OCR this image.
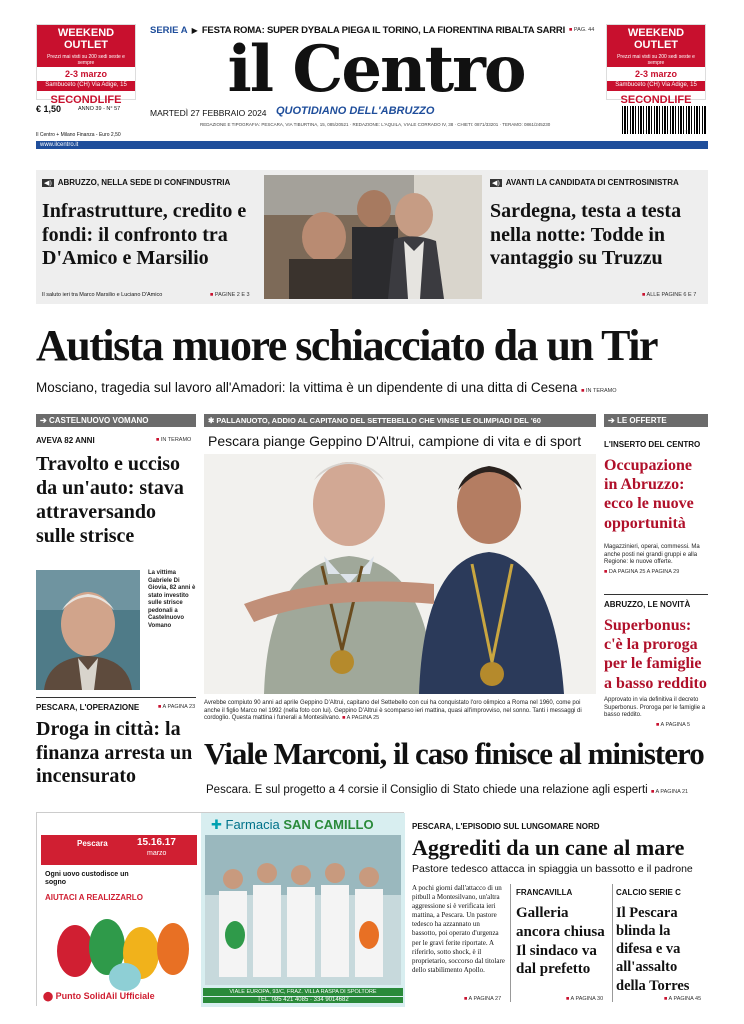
WEEKEND OUTLET
Prezzi mai visti su 200 sedi seste e sempre
2-3 marzo
Sambuceto (CH) Via Adige, 15
SECONDLIFE
WEEKEND OUTLET
Prezzi mai visti su 200 sedi seste e sempre
2-3 marzo
Sambuceto (CH) Via Adige, 15
SECONDLIFE
SERIE A ▶ FESTA ROMA: SUPER DYBALA PIEGA IL TORINO, LA FIORENTINA RIBALTA SARRI	■ PAG. 44
il Centro
MARTEDÌ 27 FEBBRAIO 2024 QUOTIDIANO DELL'ABRUZZO
REDAZIONE E TIPOGRAFIA: PESCARA, VIA TIBURTINA, 15, 085/20521 · REDAZIONE: L'AQUILA, VIALE CORRADO IV, 38 · CHIETI: 0871/33201 · TERAMO: 0861/245230
€ 1,50	ANNO 39 - N° 57
Il Centro + Milano Finanza - Euro 2,50
www.ilcentro.it
◀) ABRUZZO, NELLA SEDE DI CONFINDUSTRIA
Infrastrutture, credito e fondi: il confronto tra D'Amico e Marsilio
Il saluto ieri tra Marco Marsilio e Luciano D'Amico	■ PAGINE 2 E 3
◀) AVANTI LA CANDIDATA DI CENTROSINISTRA
Sardegna, testa a testa nella notte: Todde in vantaggio su Truzzu
■ ALLE PAGINE 6 E 7
Autista muore schiacciato da un Tir
Mosciano, tragedia sul lavoro all'Amadori: la vittima è un dipendente di una ditta di Cesena ■ IN TERAMO
➔ CASTELNUOVO VOMANO
AVEVA 82 ANNI	■ IN TERAMO
Travolto e ucciso da un'auto: stava attraversando sulle strisce
La vittima Gabriele Di Giovia, 82 anni è stato investito sulle strisce pedonali a Castelnuovo Vomano
PESCARA, L'OPERAZIONE	■ A PAGINA 23
Droga in città: la finanza arresta un incensurato
✱ PALLANUOTO, ADDIO AL CAPITANO DEL SETTEBELLO CHE VINSE LE OLIMPIADI DEL '60
Pescara piange Geppino D'Altrui, campione di vita e di sport
Avrebbe compiuto 90 anni ad aprile Geppino D'Altrui, capitano del Settebello con cui ha conquistato l'oro olimpico a Roma nel 1960, come poi anche il figlio Marco nel 1992 (nella foto con lui). Geppino D'Altrui è scomparso ieri mattina, quasi all'improvviso, nel sonno. Tanti i messaggi di cordoglio. Questa mattina i funerali a Montesilvano. ■ A PAGINA 25
Viale Marconi, il caso finisce al ministero
Pescara. E sul progetto a 4 corsie il Consiglio di Stato chiede una relazione agli esperti ■ A PAGINA 21
➔ LE OFFERTE
L'INSERTO DEL CENTRO
Occupazione in Abruzzo: ecco le nuove opportunità
Magazzinieri, operai, commessi. Ma anche posti nei grandi gruppi e alla Regione: le nuove offerte.
■ DA PAGINA 25 A PAGINA 29
ABRUZZO, LE NOVITÀ
Superbonus: c'è la proroga per le famiglie a basso reddito
Approvato in via definitiva il decreto Superbonus. Proroga per le famiglie a basso reddito.
■ A PAGINA 5
Pescara	15.16.17
marzo
Ogni uovo custodisce un sogno
AIUTACI A REALIZZARLO
⬤ Punto SolidAil Ufficiale
✚ Farmacia SAN CAMILLO
VIALE EUROPA, 93/C, FRAZ. VILLA RASPA DI SPOLTORE
TEL. 085 421 4085 · 334 9014682
PESCARA, L'EPISODIO SUL LUNGOMARE NORD
Aggrediti da un cane al mare
Pastore tedesco attacca in spiaggia un bassotto e il padrone
A pochi giorni dall'attacco di un pitbull a Montesilvano, un'altra aggressione si è verificata ieri mattina, a Pescara. Un pastore tedesco ha azzannato un bassotto, poi operato d'urgenza per le gravi ferite riportate. A riferirlo, sotto shock, è il proprietario, soccorso dal titolare dello stabilimento Apollo.
■ A PAGINA 27
FRANCAVILLA
Galleria ancora chiusa Il sindaco va dal prefetto
■ A PAGINA 30
CALCIO SERIE C
Il Pescara blinda la difesa e va all'assalto della Torres
■ A PAGINA 45
